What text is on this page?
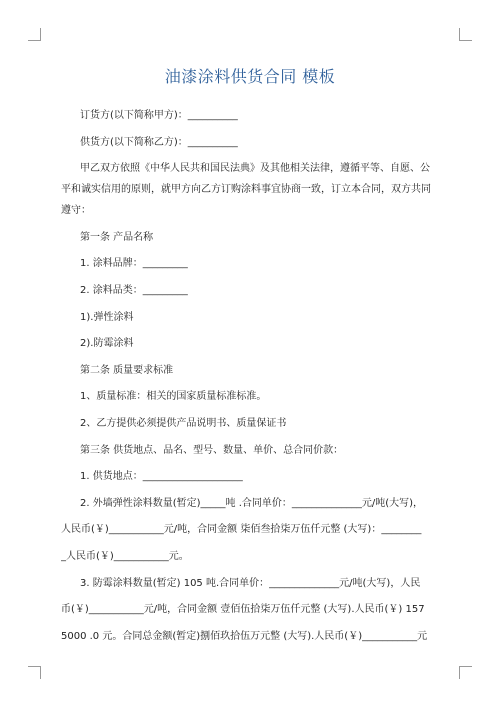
油漆涂料供货合同 模板
订货方(以下简称甲方)：__________
供货方(以下简称乙方)：__________
甲乙双方依照《中华人民共和国民法典》及其他相关法律，遵循平等、自愿、公
平和诚实信用的原则，就甲方向乙方订购涂料事宜协商一致，订立本合同，双方共同
遵守：
第一条 产品名称
1. 涂料品牌：_________
2. 涂料品类：_________
1).弹性涂料
2).防霉涂料
第二条 质量要求标准
1、质量标准：相关的国家质量标准标准。
2、乙方提供必须提供产品说明书、质量保证书
第三条 供货地点、品名、型号、数量、单价、总合同价款：
1. 供货地点：____________________
2. 外墙弹性涂料数量(暂定)_____吨 .合同单价：______________元/吨(大写)，
人民币(￥)___________元/吨，合同金额 柒佰叁拾柒万伍仟元整 (大写)：________
_人民币(￥)___________元。
3. 防霉涂料数量(暂定) 105 吨.合同单价：______________元/吨(大写)，人民
币(￥)___________元/吨，合同金额 壹佰伍拾柒万伍仟元整 (大写).人民币(￥) 157
5000 .0 元。合同总金额(暂定)捌佰玖拾伍万元整 (大写).人民币(￥)___________元
